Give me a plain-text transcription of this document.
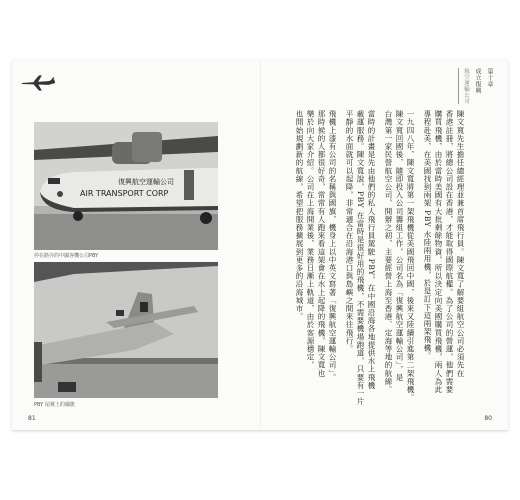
復興航空運輸公司
AIR TRANSPORT CORP
停在路旁的中國客機公司PBY
PBY 尾翼上的國旗
81
第十章
成立復興
航空運輸公司
陳文寬先生擔任總經理並兼首席飛行員。陳文寬了解要組航空公司必須先在
香港註冊，將總公司設在香港，才能取得國際航權。為了公司的營運，他們需要
購買飛機，由於當時美國有大批剩餘物資，所以決定向美國購買飛機，兩人為此
專程赴美，在美國找到兩架 PBY 水陸兩用機，於是訂下這兩架飛機。
一九四八年，陳文寬將第一架飛機從美國飛回中國，後來又陸續引進第二架飛機。
陳文寬回國後，隨即投入公司籌組工作，公司名為「復興航空運輸公司」，是
台灣第一家民營航空公司，開辦之初，主要經營上海至香港、定海等地的航線。
當時的計畫是先由他們的私人飛行員駕駛 PBY，在中國沿海各地提供水上飛機
載運服務。陳文寬說，PBY 在當時是很好用的飛機，不需要機場跑道，只要有一片
平靜的水面就可以起降，非常適合在沿海港口與島嶼之間來往飛行。
飛機上漆有公司的名稱與國旗，機身上以中英文寫著「復興航空運輸公司」。
那時候的人都很好奇，常常有人跑來看這架會在水上起降的飛機，陳文寬也
樂於向大家介紹。公司在上海開業後，業務日漸上軌道，由於客源穩定，
也開始規劃新的航線，希望把服務擴展到更多的沿海城市。
80
